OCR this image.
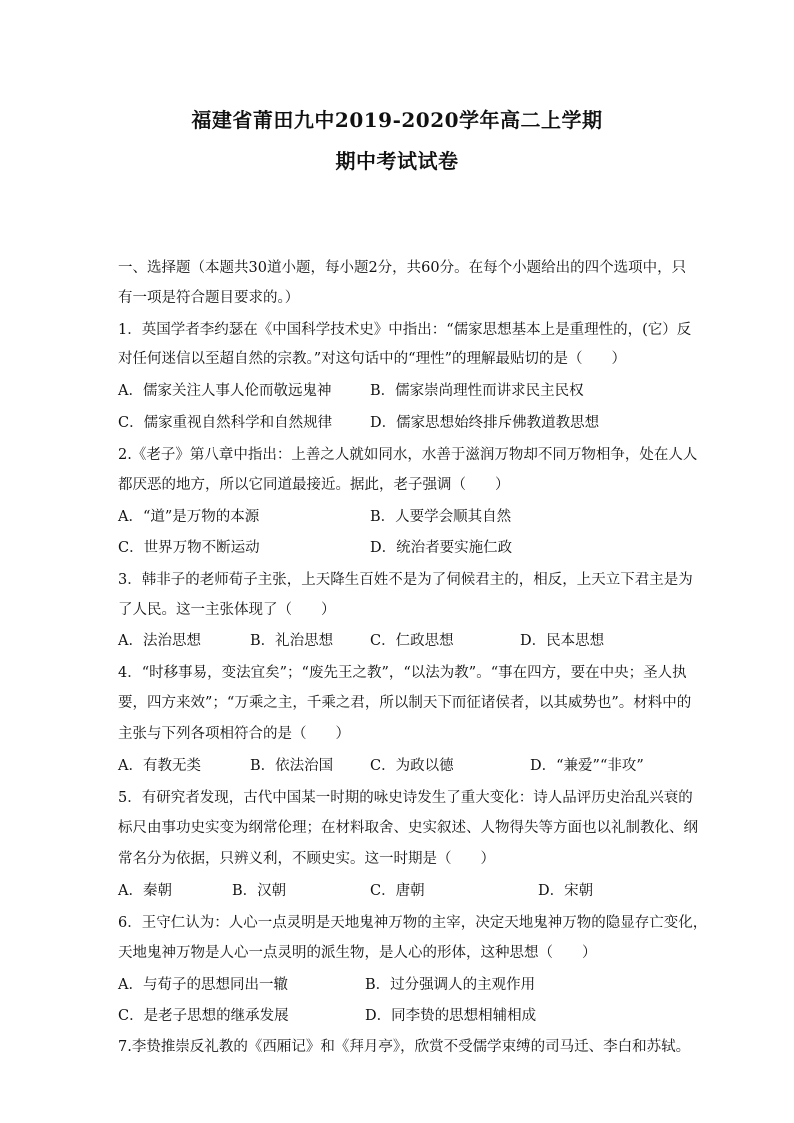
福建省莆田九中2019-2020学年高二上学期
期中考试试卷
一、选择题（本题共30道小题，每小题2分，共60分。在每个小题给出的四个选项中，只
有一项是符合题目要求的。）
1．英国学者李约瑟在《中国科学技术史》中指出：“儒家思想基本上是重理性的，(它）反
对任何迷信以至超自然的宗教。”对这句话中的“理性”的理解最贴切的是（　　）
A．儒家关注人事人伦而敬远鬼神	B．儒家崇尚理性而讲求民主民权
C．儒家重视自然科学和自然规律	D．儒家思想始终排斥佛教道教思想
2.《老子》第八章中指出：上善之人就如同水，水善于滋润万物却不同万物相争，处在人人
都厌恶的地方，所以它同道最接近。据此，老子强调（　　）
A．“道”是万物的本源	B．人要学会顺其自然
C．世界万物不断运动	D．统治者要实施仁政
3．韩非子的老师荀子主张，上天降生百姓不是为了伺候君主的，相反，上天立下君主是为
了人民。这一主张体现了（　　）
A．法治思想	B．礼治思想	C．仁政思想	D．民本思想
4．“时移事易，变法宜矣”；“废先王之教”，“以法为教”。“事在四方，要在中央；圣人执
要，四方来效”；“万乘之主，千乘之君，所以制天下而征诸侯者，以其威势也”。材料中的
主张与下列各项相符合的是（　　）
A．有教无类	B．依法治国	C．为政以德	D．“兼爱”“非攻”
5．有研究者发现，古代中国某一时期的咏史诗发生了重大变化：诗人品评历史治乱兴衰的
标尺由事功史实变为纲常伦理；在材料取舍、史实叙述、人物得失等方面也以礼制教化、纲
常名分为依据，只辨义利，不顾史实。这一时期是（　　）
A．秦朝	B．汉朝	C．唐朝	D．宋朝
6．王守仁认为：人心一点灵明是天地鬼神万物的主宰，决定天地鬼神万物的隐显存亡变化，
天地鬼神万物是人心一点灵明的派生物，是人心的形体，这种思想（　　）
A．与荀子的思想同出一辙	B．过分强调人的主观作用
C．是老子思想的继承发展	D．同李贽的思想相辅相成
7.李贽推崇反礼教的《西厢记》和《拜月亭》，欣赏不受儒学束缚的司马迁、李白和苏轼。
